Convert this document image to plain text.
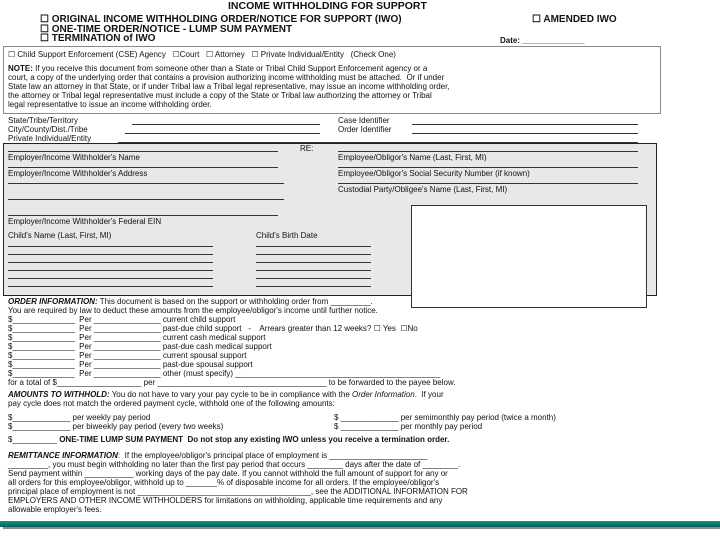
INCOME WITHHOLDING FOR SUPPORT
☐ ORIGINAL INCOME WITHHOLDING ORDER/NOTICE FOR SUPPORT (IWO)	☐ AMENDED IWO
☐ ONE-TIME ORDER/NOTICE - LUMP SUM PAYMENT
☐ TERMINATION of IWO	Date: ______________
☐ Child Support Enforcement (CSE) Agency   ☐Court   ☐ Attorney   ☐ Private Individual/Entity   (Check One)
NOTE: If you receive this document from someone other than a State or Tribal Child Support Enforcement agency or a
court, a copy of the underlying order that contains a provision authorizing income withholding must be attached.  Or if under
State law an attorney in that State, or if under Tribal law a Tribal legal representative, may issue an income withholding order,
the attorney or Tribal legal representative must include a copy of the State or Tribal law authorizing the attorney or Tribal
legal representative to issue an income withholding order.
State/Tribe/Territory
City/County/Dist./Tribe
Private Individual/Entity
Case Identifier
Order Identifier
RE:
Employer/Income Withholder's Name
Employer/Income Withholder's Address
Employer/Income Withholder's Federal EIN
Child's Name (Last, First, MI)	Child's Birth Date
Employee/Obligor's Name (Last, First, MI)
Employee/Obligor's Social Security Number (if known)
Custodial Party/Obligee's Name (Last, First, MI)
ORDER INFORMATION: This document is based on the support or withholding order from _________.
You are required by law to deduct these amounts from the employee/obligor's income until further notice.
$______________  Per _______________ current child support
$______________  Per _______________ past-due child support   -    Arrears greater than 12 weeks? ☐ Yes  ☐No
$______________  Per _______________ current cash medical support
$______________  Per _______________ past-due cash medical support
$______________  Per _______________ current spousal support
$______________  Per _______________ past-due spousal support
$______________  Per _______________ other (must specify) ______________________________________________
for a total of $___________________ per ______________________________________ to be forwarded to the payee below.
AMOUNTS TO WITHHOLD: You do not have to vary your pay cycle to be in compliance with the Order Information.  If your
pay cycle does not match the ordered payment cycle, withhold one of the following amounts:
$_____________ per weekly pay period
$_____________ per biweekly pay period (every two weeks)
$ _____________ per semimonthly pay period (twice a month)
$ _____________ per monthly pay period
$__________ ONE-TIME LUMP SUM PAYMENT  Do not stop any existing IWO unless you receive a termination order.
REMITTANCE INFORMATION:  If the employee/obligor's principal place of employment is ______________________
_________, you must begin withholding no later than the first pay period that occurs ________ days after the date of ________.
Send payment within ___________ working days of the pay date. If you cannot withhold the full amount of support for any or
all orders for this employee/obligor, withhold up to _______% of disposable income for all orders. If the employee/obligor's
principal place of employment is not _______________________________________, see the ADDITIONAL INFORMATION FOR
EMPLOYERS AND OTHER INCOME WITHHOLDERS for limitations on withholding, applicable time requirements and any
allowable employer's fees.
